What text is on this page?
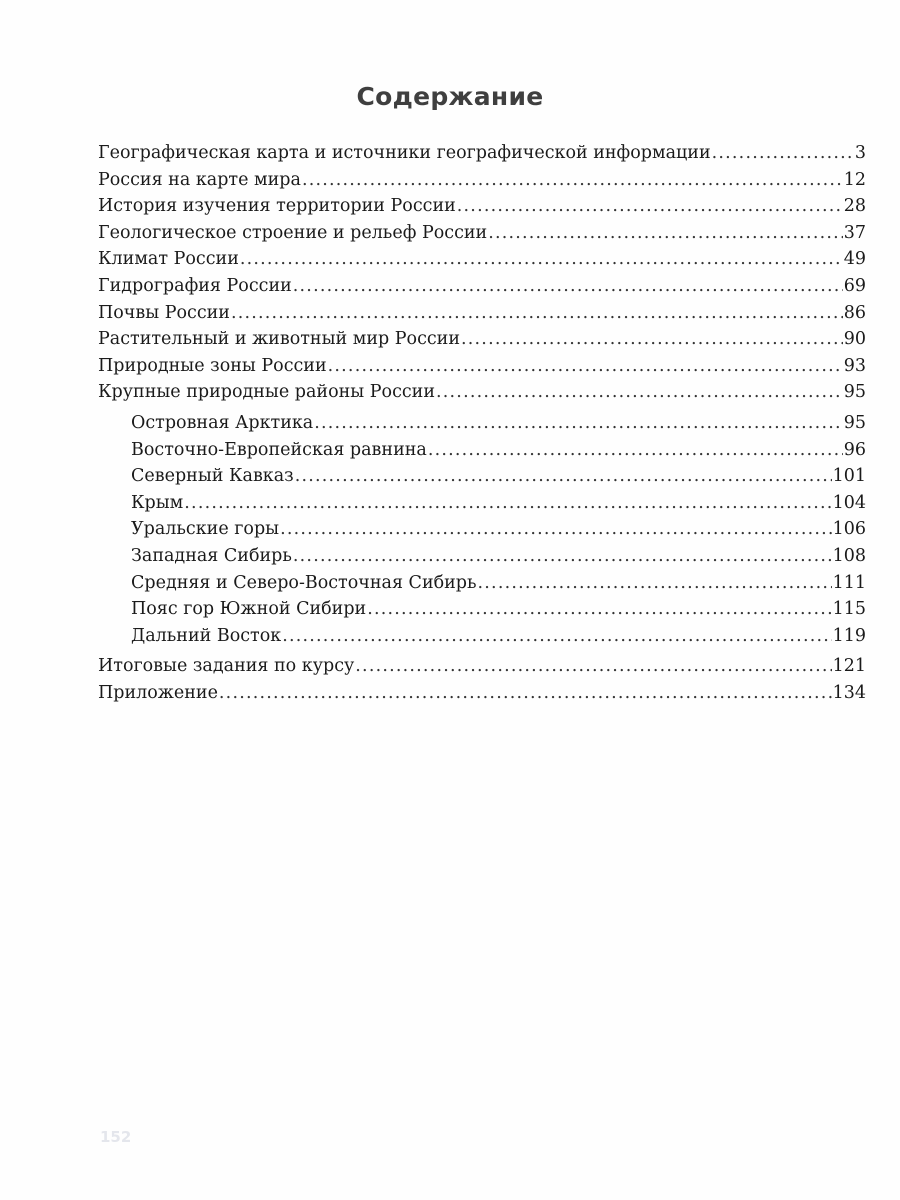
Содержание
Географическая карта и источники географической информации .....	3
Россия на карте мира .....	12
История изучения территории России .....	28
Геологическое строение и рельеф России .....	37
Климат России .....	49
Гидрография России .....	69
Почвы России .....	86
Растительный и животный мир России .....	90
Природные зоны России .....	93
Крупные природные районы России .....	95
Островная Арктика .....	95
Восточно-Европейская равнина .....	96
Северный Кавказ .....	101
Крым .....	104
Уральские горы .....	106
Западная Сибирь .....	108
Средняя и Северо-Восточная Сибирь .....	111
Пояс гор Южной Сибири .....	115
Дальний Восток .....	119
Итоговые задания по курсу .....	121
Приложение .....	134
152
